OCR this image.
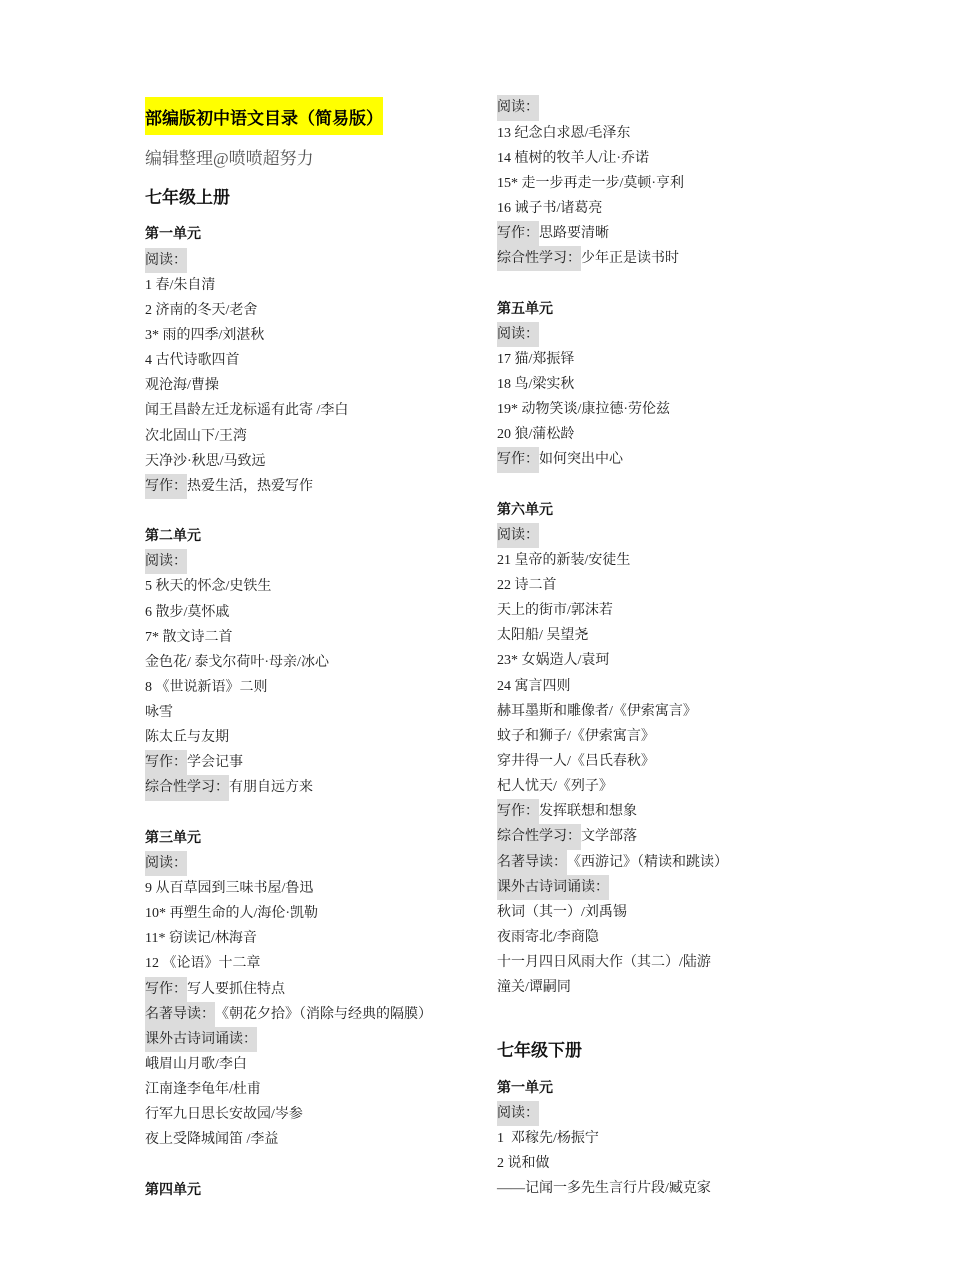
部编版初中语文目录（简易版）
编辑整理@喷喷超努力
七年级上册
第一单元
阅读：
1 春/朱自清
2 济南的冬天/老舍
3* 雨的四季/刘湛秋
4 古代诗歌四首
观沧海/曹操
闻王昌龄左迁龙标遥有此寄 /李白
次北固山下/王湾
天净沙·秋思/马致远
写作：热爱生活，热爱写作
第二单元
阅读：
5 秋天的怀念/史铁生
6 散步/莫怀戚
7* 散文诗二首
金色花/ 泰戈尔荷叶·母亲/冰心
8 《世说新语》二则
咏雪
陈太丘与友期
写作：学会记事
综合性学习：有朋自远方来
第三单元
阅读：
9 从百草园到三味书屋/鲁迅
10* 再塑生命的人/海伦·凯勒
11* 窃读记/林海音
12 《论语》十二章
写作：写人要抓住特点
名著导读：《朝花夕拾》（消除与经典的隔膜）
课外古诗词诵读：
峨眉山月歌/李白
江南逢李龟年/杜甫
行军九日思长安故园/岑参
夜上受降城闻笛 /李益
第四单元
阅读：
13 纪念白求恩/毛泽东
14 植树的牧羊人/让·乔诺
15* 走一步再走一步/莫顿·亨利
16 诫子书/诸葛亮
写作：思路要清晰
综合性学习：少年正是读书时
第五单元
阅读：
17 猫/郑振铎
18 鸟/梁实秋
19* 动物笑谈/康拉德·劳伦兹
20 狼/蒲松龄
写作：如何突出中心
第六单元
阅读：
21 皇帝的新装/安徒生
22 诗二首
天上的街市/郭沫若
太阳船/ 吴望尧
23* 女娲造人/袁珂
24 寓言四则
赫耳墨斯和雕像者/《伊索寓言》
蚊子和狮子/《伊索寓言》
穿井得一人/《吕氏春秋》
杞人忧天/《列子》
写作：发挥联想和想象
综合性学习：文学部落
名著导读：《西游记》（精读和跳读）
课外古诗词诵读：
秋词（其一）/刘禹锡
夜雨寄北/李商隐
十一月四日风雨大作（其二）/陆游
潼关/谭嗣同
七年级下册
第一单元
阅读：
1  邓稼先/杨振宁
2 说和做
——记闻一多先生言行片段/臧克家
